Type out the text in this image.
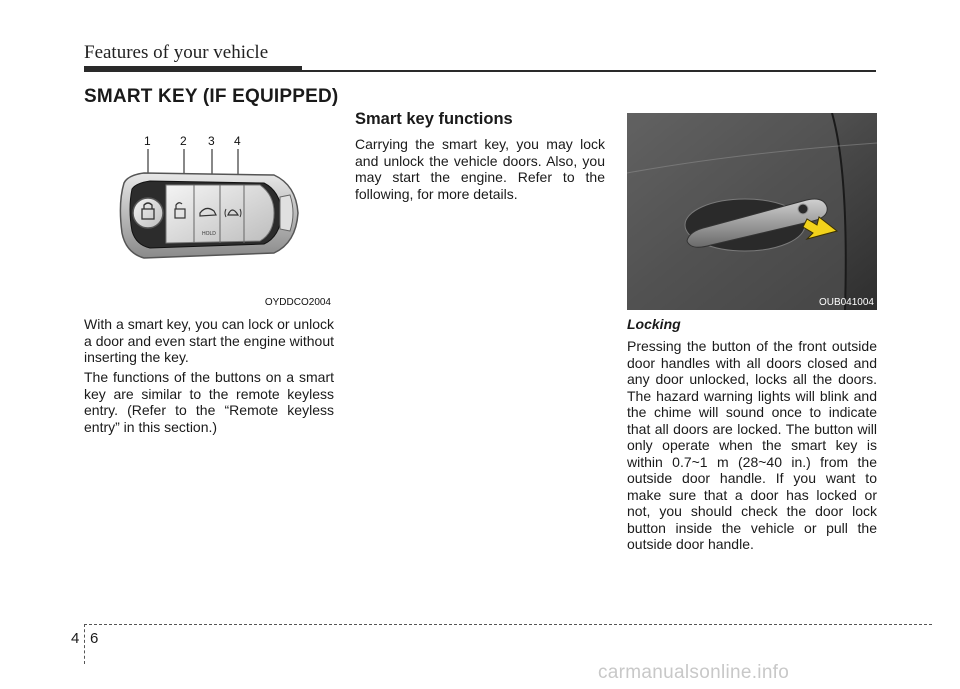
Features of your vehicle
SMART KEY (IF EQUIPPED)
1 2 3 4
HOLD
OYDDCO2004

With a smart key, you can lock or unlock a door and even start the engine without inserting the key.

The functions of the buttons on a smart key are similar to the remote keyless entry. (Refer to the “Remote keyless entry” in this section.)

Smart key functions

Carrying the smart key, you may lock and unlock the vehicle doors. Also, you may start the engine. Refer to the following, for more details.

OUB041004
Locking

Pressing the button of the front outside door handles with all doors closed and any door unlocked, locks all the doors. The hazard warning lights will blink and the chime will sound once to indicate that all doors are locked. The button will only operate when the smart key is within 0.7~1 m (28~40 in.) from the outside door handle. If you want to make sure that a door has locked or not, you should check the door lock button inside the vehicle or pull the outside door handle.

4 6
carmanualsonline.info
